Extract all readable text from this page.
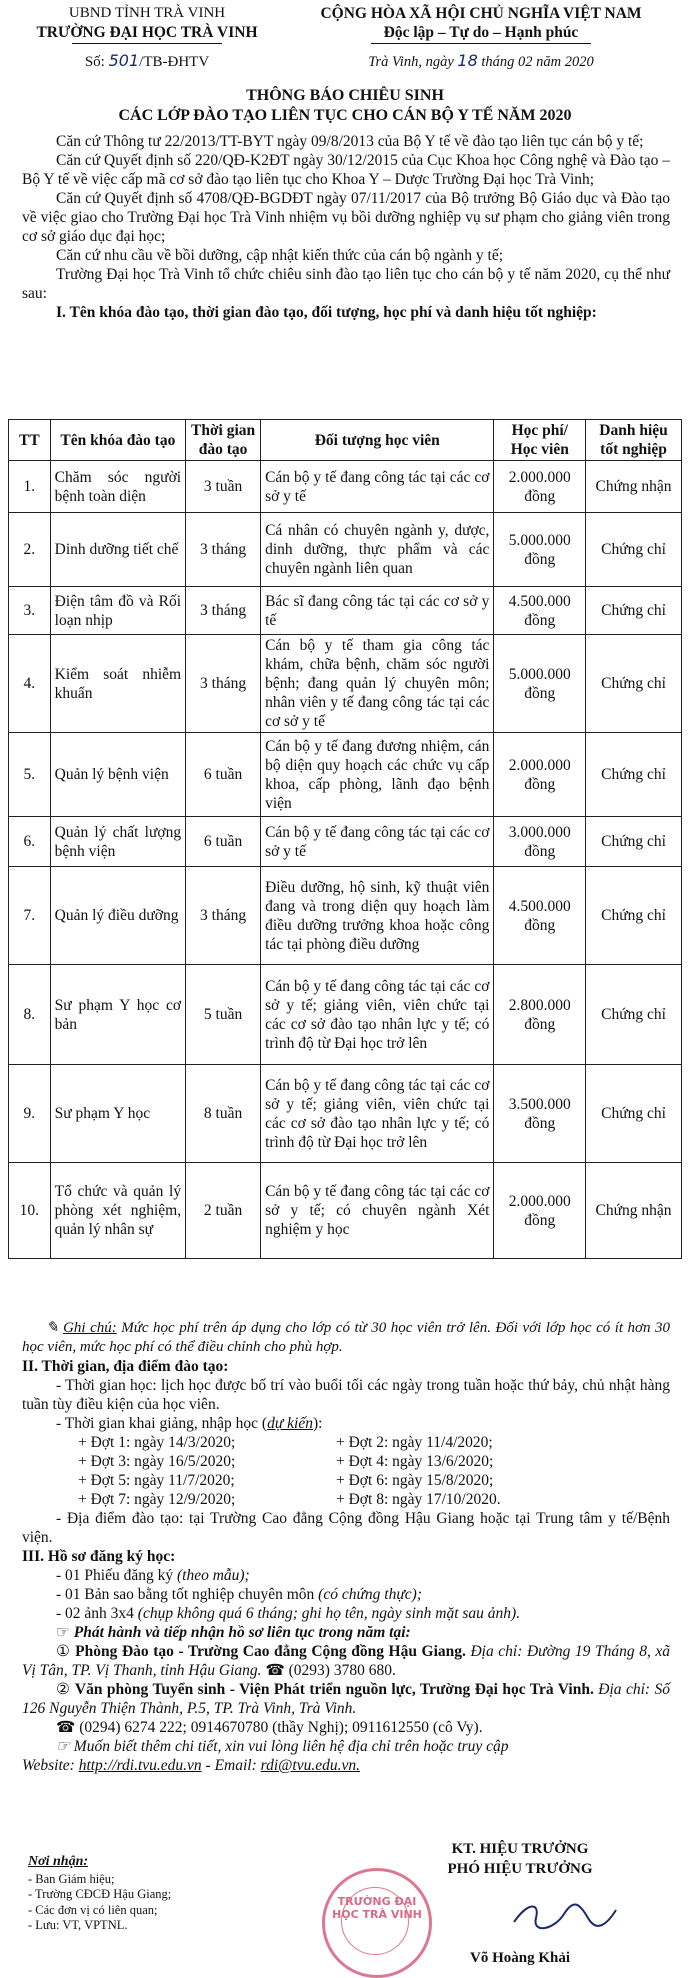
UBND TỈNH TRÀ VINH
TRƯỜNG ĐẠI HỌC TRÀ VINH
Số: 501/TB-ĐHTV
CỘNG HÒA XÃ HỘI CHỦ NGHĨA VIỆT NAM
Độc lập – Tự do – Hạnh phúc
Trà Vinh, ngày 18 tháng 02 năm 2020
THÔNG BÁO CHIÊU SINH
CÁC LỚP ĐÀO TẠO LIÊN TỤC CHO CÁN BỘ Y TẾ NĂM 2020

Căn cứ Thông tư 22/2013/TT-BYT ngày 09/8/2013 của Bộ Y tế về đào tạo liên tục cán bộ y tế;

Căn cứ Quyết định số 220/QĐ-K2ĐT ngày 30/12/2015 của Cục Khoa học Công nghệ và Đào tạo – Bộ Y tế về việc cấp mã cơ sở đào tạo liên tục cho Khoa Y – Dược Trường Đại học Trà Vinh;

Căn cứ Quyết định số 4708/QĐ-BGDĐT ngày 07/11/2017 của Bộ trưởng Bộ Giáo dục và Đào tạo về việc giao cho Trường Đại học Trà Vinh nhiệm vụ bồi dưỡng nghiệp vụ sư phạm cho giảng viên trong cơ sở giáo dục đại học;

Căn cứ nhu cầu về bồi dưỡng, cập nhật kiến thức của cán bộ ngành y tế;

Trường Đại học Trà Vinh tổ chức chiêu sinh đào tạo liên tục cho cán bộ y tế năm 2020, cụ thể như sau:

I. Tên khóa đào tạo, thời gian đào tạo, đối tượng, học phí và danh hiệu tốt nghiệp:

TT	Tên khóa đào tạo	Thời gian đào tạo	Đối tượng học viên	Học phí/ Học viên	Danh hiệu tốt nghiệp
1.	Chăm sóc người bệnh toàn diện	3 tuần	Cán bộ y tế đang công tác tại các cơ sở y tế	2.000.000 đồng	Chứng nhận
2.	Dinh dưỡng tiết chế	3 tháng	Cá nhân có chuyên ngành y, dược, dinh dưỡng, thực phẩm và các chuyên ngành liên quan	5.000.000 đồng	Chứng chỉ
3.	Điện tâm đồ và Rối loạn nhịp	3 tháng	Bác sĩ đang công tác tại các cơ sở y tế	4.500.000 đồng	Chứng chỉ
4.	Kiểm soát nhiễm khuẩn	3 tháng	Cán bộ y tế tham gia công tác khám, chữa bệnh, chăm sóc người bệnh; đang quản lý chuyên môn; nhân viên y tế đang công tác tại các cơ sở y tế	5.000.000 đồng	Chứng chỉ
5.	Quản lý bệnh viện	6 tuần	Cán bộ y tế đang đương nhiệm, cán bộ diện quy hoạch các chức vụ cấp khoa, cấp phòng, lãnh đạo bệnh viện	2.000.000 đồng	Chứng chỉ
6.	Quản lý chất lượng bệnh viện	6 tuần	Cán bộ y tế đang công tác tại các cơ sở y tế	3.000.000 đồng	Chứng chỉ
7.	Quản lý điều dưỡng	3 tháng	Điều dưỡng, hộ sinh, kỹ thuật viên đang và trong diện quy hoạch làm điều dưỡng trưởng khoa hoặc công tác tại phòng điều dưỡng	4.500.000 đồng	Chứng chỉ
8.	Sư phạm Y học cơ bản	5 tuần	Cán bộ y tế đang công tác tại các cơ sở y tế; giảng viên, viên chức tại các cơ sở đào tạo nhân lực y tế; có trình độ từ Đại học trở lên	2.800.000 đồng	Chứng chỉ
9.	Sư phạm Y học	8 tuần	Cán bộ y tế đang công tác tại các cơ sở y tế; giảng viên, viên chức tại các cơ sở đào tạo nhân lực y tế; có trình độ từ Đại học trở lên	3.500.000 đồng	Chứng chỉ
10.	Tổ chức và quản lý phòng xét nghiệm, quản lý nhân sự	2 tuần	Cán bộ y tế đang công tác tại các cơ sở y tế; có chuyên ngành Xét nghiệm y học	2.000.000 đồng	Chứng nhận

✎ Ghi chú: Mức học phí trên áp dụng cho lớp có từ 30 học viên trở lên. Đối với lớp học có ít hơn 30 học viên, mức học phí có thể điều chỉnh cho phù hợp.

II. Thời gian, địa điểm đào tạo:

- Thời gian học: lịch học được bố trí vào buổi tối các ngày trong tuần hoặc thứ bảy, chủ nhật hàng tuần tùy điều kiện của học viên.

- Thời gian khai giảng, nhập học (dự kiến):

+ Đợt 1: ngày 14/3/2020;	+ Đợt 2: ngày 11/4/2020;
+ Đợt 3: ngày 16/5/2020;	+ Đợt 4: ngày 13/6/2020;
+ Đợt 5: ngày 11/7/2020;	+ Đợt 6: ngày 15/8/2020;
+ Đợt 7: ngày 12/9/2020;	+ Đợt 8: ngày 17/10/2020.

- Địa điểm đào tạo: tại Trường Cao đẳng Cộng đồng Hậu Giang hoặc tại Trung tâm y tế/Bệnh viện.

III. Hồ sơ đăng ký học:

- 01 Phiếu đăng ký (theo mẫu);

- 01 Bản sao bằng tốt nghiệp chuyên môn (có chứng thực);

- 02 ảnh 3x4 (chụp không quá 6 tháng; ghi họ tên, ngày sinh mặt sau ảnh).

☞ Phát hành và tiếp nhận hồ sơ liên tục trong năm tại:

① Phòng Đào tạo - Trường Cao đẳng Cộng đồng Hậu Giang. Địa chỉ: Đường 19 Tháng 8, xã Vị Tân, TP. Vị Thanh, tỉnh Hậu Giang. ☎ (0293) 3780 680.

② Văn phòng Tuyển sinh - Viện Phát triển nguồn lực, Trường Đại học Trà Vinh. Địa chỉ: Số 126 Nguyễn Thiện Thành, P.5, TP. Trà Vinh, Trà Vinh.

☎ (0294) 6274 222; 0914670780 (thầy Nghị); 0911612550 (cô Vy).

☞ Muốn biết thêm chi tiết, xin vui lòng liên hệ địa chỉ trên hoặc truy cập

Website: http://rdi.tvu.edu.vn - Email: rdi@tvu.edu.vn.

Nơi nhận:
- Ban Giám hiệu;
- Trường CĐCĐ Hậu Giang;
- Các đơn vị có liên quan;
- Lưu: VT, VPTNL.
TRƯỜNG ĐẠI HỌC TRÀ VINH
KT. HIỆU TRƯỞNG
PHÓ HIỆU TRƯỞNG
Võ Hoàng Khải
